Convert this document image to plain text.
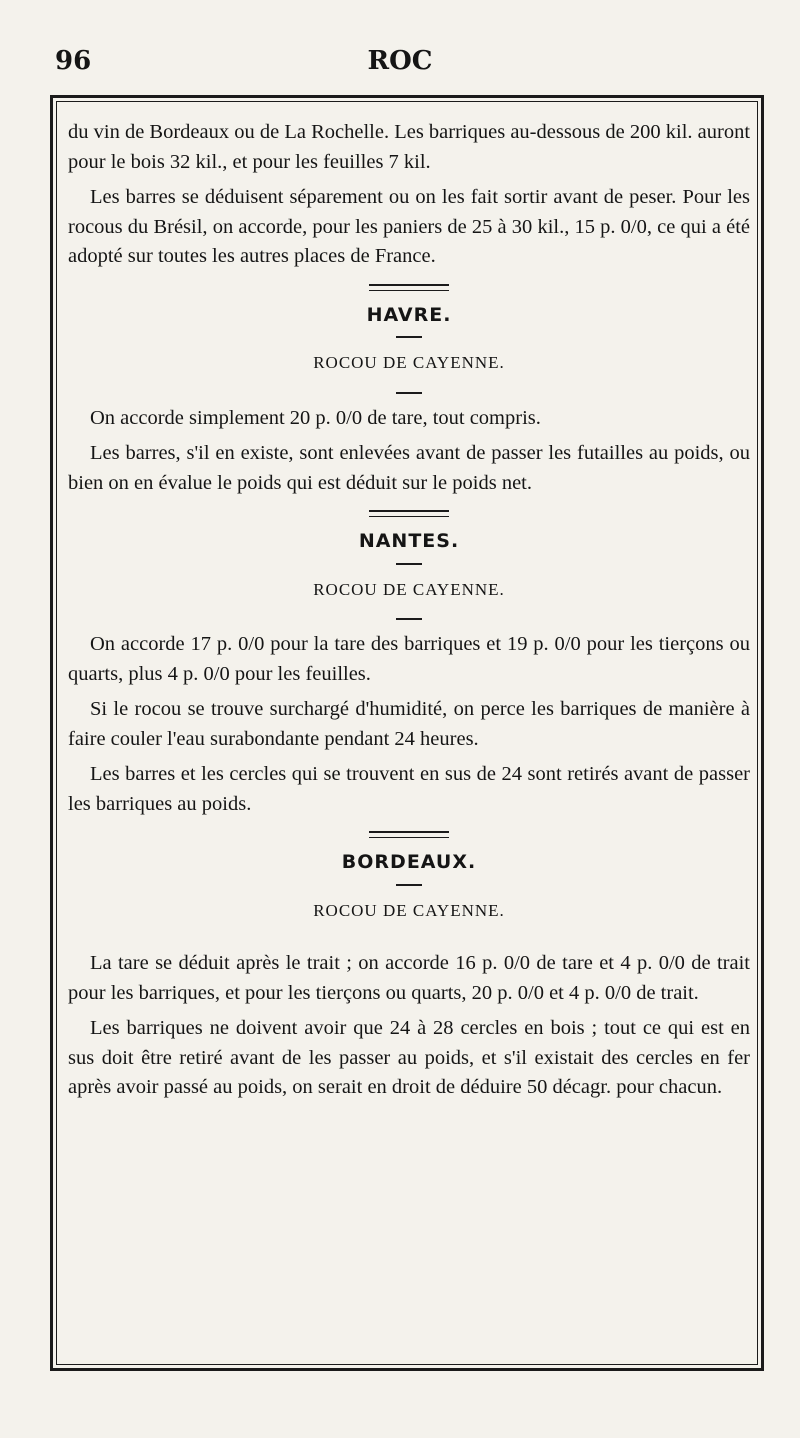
96	ROC

du vin de Bordeaux ou de La Rochelle. Les barriques au-dessous de 200 kil. auront pour le bois 32 kil., et pour les feuilles 7 kil.

Les barres se déduisent séparement ou on les fait sortir avant de peser. Pour les rocous du Brésil, on accorde, pour les paniers de 25 à 30 kil., 15 p. 0/0, ce qui a été adopté sur toutes les autres places de France.

HAVRE.
ROCOU DE CAYENNE.

On accorde simplement 20 p. 0/0 de tare, tout compris.

Les barres, s'il en existe, sont enlevées avant de passer les futailles au poids, ou bien on en évalue le poids qui est déduit sur le poids net.

NANTES.
ROCOU DE CAYENNE.

On accorde 17 p. 0/0 pour la tare des barriques et 19 p. 0/0 pour les tierçons ou quarts, plus 4 p. 0/0 pour les feuilles.

Si le rocou se trouve surchargé d'humidité, on perce les barriques de manière à faire couler l'eau surabondante pendant 24 heures.

Les barres et les cercles qui se trouvent en sus de 24 sont retirés avant de passer les barriques au poids.

BORDEAUX.
ROCOU DE CAYENNE.

La tare se déduit après le trait ; on accorde 16 p. 0/0 de tare et 4 p. 0/0 de trait pour les barriques, et pour les tierçons ou quarts, 20 p. 0/0 et 4 p. 0/0 de trait.

Les barriques ne doivent avoir que 24 à 28 cercles en bois ; tout ce qui est en sus doit être retiré avant de les passer au poids, et s'il existait des cercles en fer après avoir passé au poids, on serait en droit de déduire 50 décagr. pour chacun.
